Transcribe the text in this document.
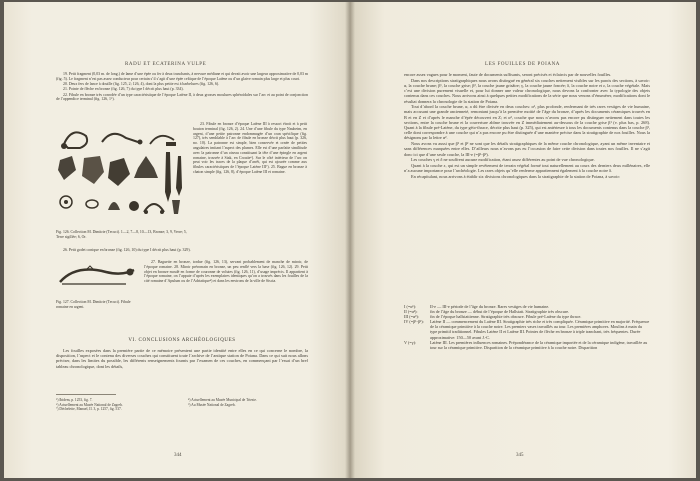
RADU ET ECATERINA VULPE

19. Petit fragment (0,03 m. de long.) de lame d’une épée ou fer à deux tranchants, à nervure médiane et qui devait avoir une largeur approximative de 0,03 m (fig. 5). Le fragment n’est pas assez conducteur pour certain s’il s’agit d’une épée celtique de l’époque Latène ou d’un glaive romain plus large et plus court.

20. Deux fers de lance à douille (fig. 125, 2; 126, 4), dont la plus petite est à barbelures (fig. 126, 6).

21. Pointe de flèche en bronze (fig. 126, 7) du type I décrit plus haut (p. 334).

22. Fibule en bronze très corrodée d’un type caractéristique de l’époque Latène II, à deux grosses moulures sphéroïdales sur l’arc et au point de conjonction de l’appendice terminal (fig. 126, 1⁵).

23. Fibule en bronze d’époque Latène III à ressort étroit et à petit bouton terminal (fig. 126, 2). 24. Une d’une fibule du type Nauheim, en argent, d’une petite patronne endommagée d’un cran spécifique (fig. 127), très semblable à l’arc de fibule en bronze décrit plus haut (p. 326, no. 10). La patronne est simple, bien conservée et ornée de petites angulaires imitant l’aspect des plumes. Elle est d’une parfaite similitude avec la patronne d’un oiseau constituant la tête d’une épingle en argent romaine, trouvée à Siak, en Croatie⁶). Sur le côté intérieur de l’arc on peut voir les traces de la plaque d’arrêt, qui est ajourée comme aux fibules caractéristiques de l’époque Latène III⁷). 25. Bague en bronze à chaton simple (fig. 126, 8), d’époque Latène III et romaine.

Fig. 126. Collection M. Dimitrie (Tecuci). 1—2, 7—8, 10—13, Bronze; 3, 9, Verre; 5, Terre sigillée; 6, Or.

26. Petit godet conique en bronze (fig. 126, 10) du type I décrit plus haut (p. 329).

27. Baguette en bronze, tordue (fig. 126, 13), servant probablement de manche de miroir, de l’époque romaine. 28. Miroir préromain en bronze, un peu renflé vers la base (fig. 126, 12). 29. Petit objet en bronze moulé en forme de couronne de volutes (fig. 126, 11), d’usage imprécis. Il appartient à l’époque romaine, on l’appuie d’après les exemplaires identiques qu’on a trouvés dans les fouilles de la cité romaine d’Apulum ou de l’Adriatique⁸) et dans les environs de la ville de Siscia.

Fig. 127. Collection M. Dimitrie (Tecuci). Fibule romaine en argent.
VI. CONCLUSIONS ARCHÉOLOGIQUES

Les fouilles exposées dans la première partie de ce mémoire présentent une partie identité entre elles en ce qui concerne le nombre, la disposition, l’aspect et le contenu des diverses couches qui constituent toute l’archive de l’antique station de Poiana. Dans ce qui suit nous allons préciser, dans les limites du possible, les différents renseignements fournis par l’examen de ces couches, en commençant par l’essai d’un bref tableau chronologique, dont les détails,

⁵) Ibidem, p. 1253, fig. 7.
⁶) Actuellement au Musée National de Zagreb.
⁷) Déchelette, Manuel, II. 3, p. 1257, fig. 537.
⁸) Actuellement au Musée Municipal de Trieste.
⁹) Au Musée National de Zagreb.
344
LES FOUILLES DE POIANA

encore assez vagues pour le moment, faute de documents suffisants, seront précisés et éclaircis par de nouvelles fouilles.

Dans nos descriptions stratigraphiques nous avons distingué en général six couches nettement visibles sur les parois des sections, à savoir: α, la couche brune; β¹, la couche grise; β², la couche jaune grisâtre; γ, la couche jaune foncée; δ, la couche noire et ε, la couche végétale. Mais c’est une division purement visuelle et, pour lui donner une valeur chronologique, nous devons la confronter avec la typologie des objets contenus dans ces couches. Nous arrivons ainsi à quelques petites modifications de la série que nous venons d’énumérer, modifications dont le résultat donnera la chronologie de la station de Poiana.

Tout d’abord la couche brune, α, a dû être divisée en deux couches: α¹, plus profonde, renfermant de très rares vestiges de vie humaine, mais accusant une grande ancienneté, remontant jusqu’à la première moitié de l’âge du bronze, d’après les documents céramiques trouvés en B et en Z et d’après le manche d’épée découvert en Z; et α², couche que nous n’avons pas encore pu distinguer nettement dans toutes les sections, entre la couche brune et la couverture abîme trouvée en Z immédiatement au-dessous de la couche grise β¹ (v. plus bas, p. 268). Quant à la fibule pré-Latène, du type géto-thrace, décrite plus haut (p. 325), qui est antérieure à tous les documents contenus dans la couche β¹, celle dont correspondre à une couche qui n’a pas encore pu être distinguée d’une manière précise dans la stratigraphie de nos fouilles. Nous la désignons par la lettre α².

Nous avons vu aussi que β¹ et β² ne sont que les détails stratigraphiques de la même couche chronologique, ayant un même inventaire et sans différences marquées entre elles. D’ailleurs nous n’avons pas eu l’occasion de faire cette division dans toutes nos fouilles. Il ne s’agit donc ici que d’une seule couche, la III-e (=β¹-β²).

Les couches γ et δ ne souffrent aucune modification, étant assez différentes au point de vue chronologique.

Quant à la couche ε, qui est un simple revêtement de terrain végétal formé tout naturellement au cours des derniers deux millénaires, elle n’a aucune importance pour l’archéologie. Les rares objets qu’elle renferme appartiennent également à la couche noire δ.

En récapitulant, nous arrivons à établir six divisions chronologiques dans la stratigraphie de la station de Poiana, à savoir:

I (=α¹):	II-e — III-e période de l’âge du bronze. Rares vestiges de vie humaine.
II (=α²):	fin de l’âge du bronze — début de l’époque de Hallstatt. Stratigraphie très obscure.
III (=α³):	fin de l’époque hallstattienne. Stratigraphie très obscure. Fibule pré-Latène du type thrace.
IV (=β¹-β²):	Latène II — commencement du Latène III. Stratigraphie très riche et très compliquée. Céramique primitive en majorité. Fréquence de la céramique primitive à la couche noire. Les premiers vases travaillés au tour. Les premières amphores. Moulins à main du type primitif traditionnel. Fibules Latène II et Latène III. Pointes de flèche en bronze à triple tranchant, très fréquentes. Durée approximative: 150—50 avant J.-C.
V (=γ):	Latène III. Les premières influences romaines. Prépondérance de la céramique importée et de la céramique indigène, travaillée au tour sur la céramique primitive. Disparition de la céramique primitive à la couche noire. Disparition
345
